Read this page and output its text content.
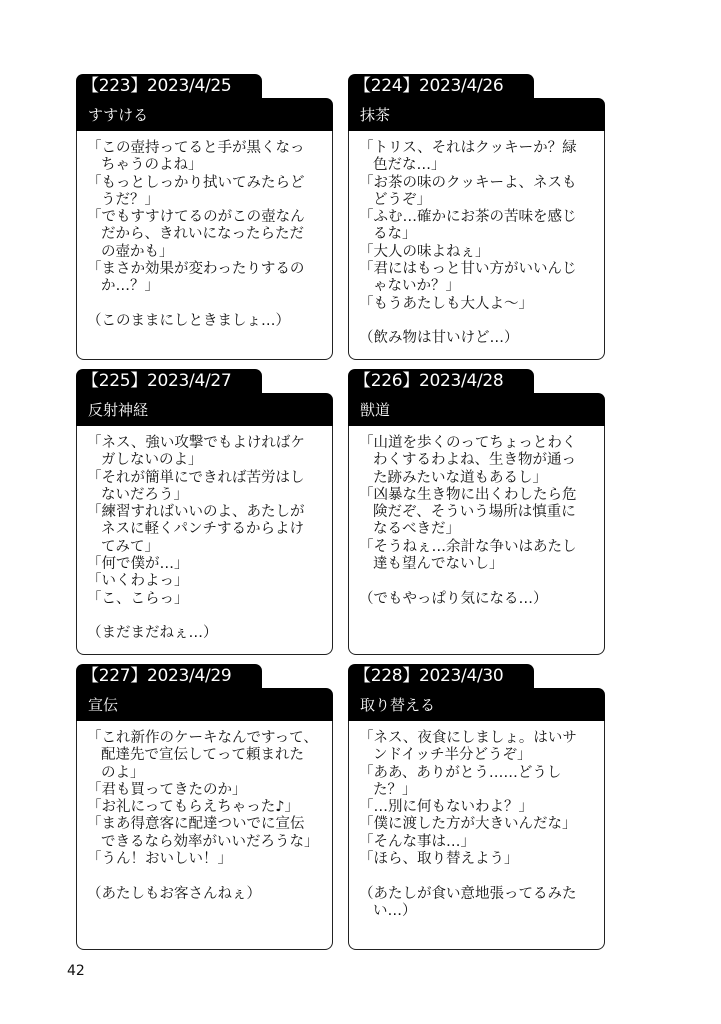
【223】2023/4/25
すすける
「この壺持ってると手が黒くなっ
ちゃうのよね」
「もっとしっかり拭いてみたらど
うだ？」
「でもすすけてるのがこの壺なん
だから、きれいになったらただ
の壺かも」
「まさか効果が変わったりするの
か…？」
（このままにしときましょ…）
【224】2023/4/26
抹茶
「トリス、それはクッキーか？緑
色だな…」
「お茶の味のクッキーよ、ネスも
どうぞ」
「ふむ…確かにお茶の苦味を感じ
るな」
「大人の味よねぇ」
「君にはもっと甘い方がいいんじ
ゃないか？」
「もうあたしも大人よ〜」
（飲み物は甘いけど…）
【225】2023/4/27
反射神経
「ネス、強い攻撃でもよければケ
ガしないのよ」
「それが簡単にできれば苦労はし
ないだろう」
「練習すればいいのよ、あたしが
ネスに軽くパンチするからよけ
てみて」
「何で僕が…」
「いくわよっ」
「こ、こらっ」
（まだまだねぇ…）
【226】2023/4/28
獣道
「山道を歩くのってちょっとわく
わくするわよね、生き物が通っ
た跡みたいな道もあるし」
「凶暴な生き物に出くわしたら危
険だぞ、そういう場所は慎重に
なるべきだ」
「そうねぇ…余計な争いはあたし
達も望んでないし」
（でもやっぱり気になる…）
【227】2023/4/29
宣伝
「これ新作のケーキなんですって、
配達先で宣伝してって頼まれた
のよ」
「君も買ってきたのか」
「お礼にってもらえちゃった♪」
「まあ得意客に配達ついでに宣伝
できるなら効率がいいだろうな」
「うん！おいしい！」
（あたしもお客さんねぇ）
【228】2023/4/30
取り替える
「ネス、夜食にしましょ。はいサ
ンドイッチ半分どうぞ」
「ああ、ありがとう……どうし
た？」
「…別に何もないわよ？」
「僕に渡した方が大きいんだな」
「そんな事は…」
「ほら、取り替えよう」
（あたしが食い意地張ってるみた
い…）
42
